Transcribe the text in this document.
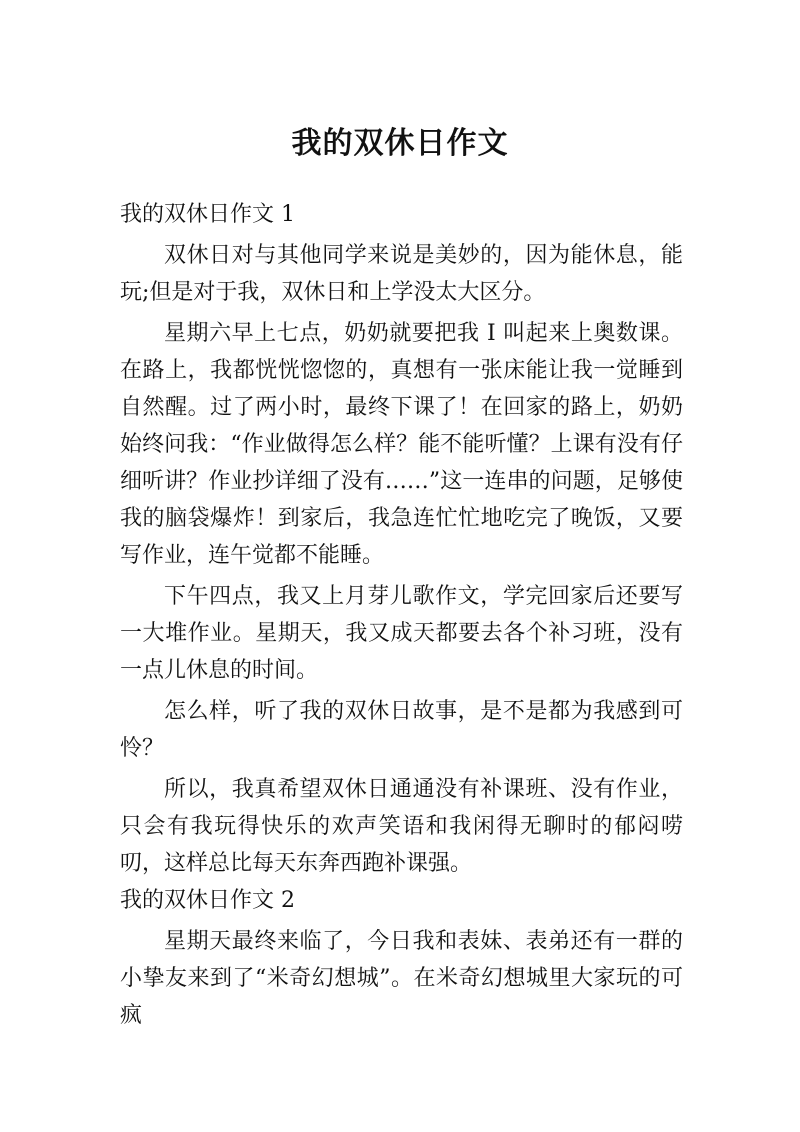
我的双休日作文
我的双休日作文 1

双休日对与其他同学来说是美妙的，因为能休息，能玩;但是对于我，双休日和上学没太大区分。

星期六早上七点，奶奶就要把我 I 叫起来上奥数课。在路上，我都恍恍惚惚的，真想有一张床能让我一觉睡到自然醒。过了两小时，最终下课了！在回家的路上，奶奶始终问我：“作业做得怎么样？能不能听懂？上课有没有仔细听讲？作业抄详细了没有……”这一连串的问题，足够使我的脑袋爆炸！到家后，我急连忙忙地吃完了晚饭，又要写作业，连午觉都不能睡。

下午四点，我又上月芽儿歌作文，学完回家后还要写一大堆作业。星期天，我又成天都要去各个补习班，没有一点儿休息的时间。

怎么样，听了我的双休日故事，是不是都为我感到可怜？

所以，我真希望双休日通通没有补课班、没有作业，只会有我玩得快乐的欢声笑语和我闲得无聊时的郁闷唠叨，这样总比每天东奔西跑补课强。

我的双休日作文 2

星期天最终来临了，今日我和表妹、表弟还有一群的小挚友来到了“米奇幻想城”。在米奇幻想城里大家玩的可疯
